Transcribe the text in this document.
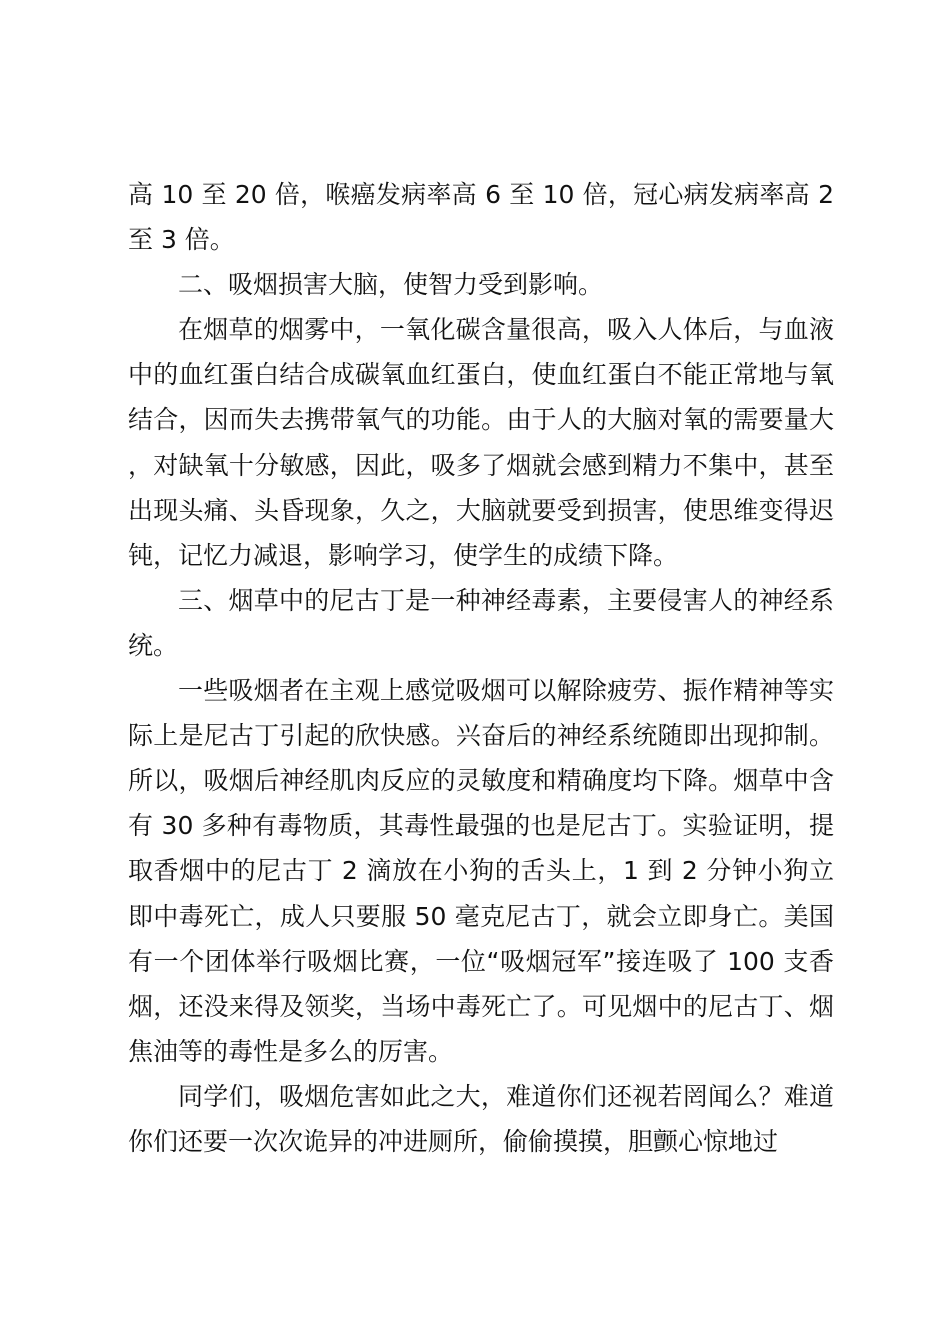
高 10 至 20 倍，喉癌发病率高 6 至 10 倍，冠心病发病率高 2 至 3 倍。

二、吸烟损害大脑，使智力受到影响。

在烟草的烟雾中，一氧化碳含量很高，吸入人体后，与血液中的血红蛋白结合成碳氧血红蛋白，使血红蛋白不能正常地与氧结合，因而失去携带氧气的功能。由于人的大脑对氧的需要量大，对缺氧十分敏感，因此，吸多了烟就会感到精力不集中，甚至出现头痛、头昏现象，久之，大脑就要受到损害，使思维变得迟钝，记忆力减退，影响学习，使学生的成绩下降。

三、烟草中的尼古丁是一种神经毒素，主要侵害人的神经系统。

一些吸烟者在主观上感觉吸烟可以解除疲劳、振作精神等实际上是尼古丁引起的欣快感。兴奋后的神经系统随即出现抑制。所以，吸烟后神经肌肉反应的灵敏度和精确度均下降。烟草中含有 30 多种有毒物质，其毒性最强的也是尼古丁。实验证明，提取香烟中的尼古丁 2 滴放在小狗的舌头上，1 到 2 分钟小狗立即中毒死亡，成人只要服 50 毫克尼古丁，就会立即身亡。美国有一个团体举行吸烟比赛，一位“吸烟冠军”接连吸了 100 支香烟，还没来得及领奖，当场中毒死亡了。可见烟中的尼古丁、烟焦油等的毒性是多么的厉害。

同学们，吸烟危害如此之大，难道你们还视若罔闻么？难道你们还要一次次诡异的冲进厕所，偷偷摸摸，胆颤心惊地过
